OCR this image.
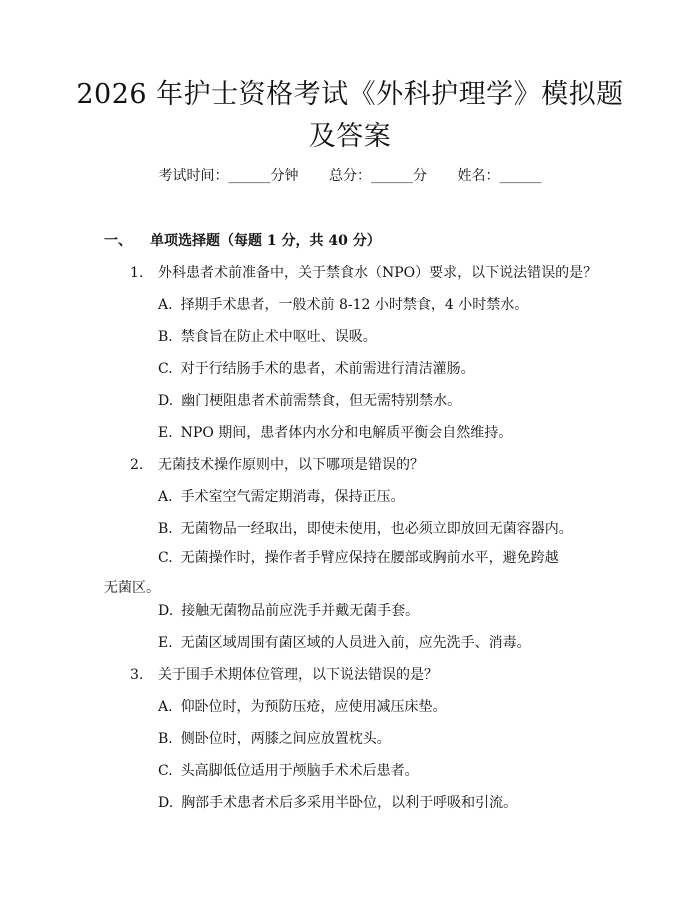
2026 年护士资格考试《外科护理学》模拟题
及答案
考试时间：______分钟 总分：______分 姓名：______
一、 单项选择题（每题 1 分，共 40 分）
1. 外科患者术前准备中，关于禁食水（NPO）要求，以下说法错误的是？
A. 择期手术患者，一般术前 8-12 小时禁食，4 小时禁水。
B. 禁食旨在防止术中呕吐、误吸。
C. 对于行结肠手术的患者，术前需进行清洁灌肠。
D. 幽门梗阻患者术前需禁食，但无需特别禁水。
E. NPO 期间，患者体内水分和电解质平衡会自然维持。
2. 无菌技术操作原则中，以下哪项是错误的？
A. 手术室空气需定期消毒，保持正压。
B. 无菌物品一经取出，即使未使用，也必须立即放回无菌容器内。
C. 无菌操作时，操作者手臂应保持在腰部或胸前水平，避免跨越无菌区。
D. 接触无菌物品前应洗手并戴无菌手套。
E. 无菌区域周围有菌区域的人员进入前，应先洗手、消毒。
3. 关于围手术期体位管理，以下说法错误的是？
A. 仰卧位时，为预防压疮，应使用减压床垫。
B. 侧卧位时，两膝之间应放置枕头。
C. 头高脚低位适用于颅脑手术术后患者。
D. 胸部手术患者术后多采用半卧位，以利于呼吸和引流。
